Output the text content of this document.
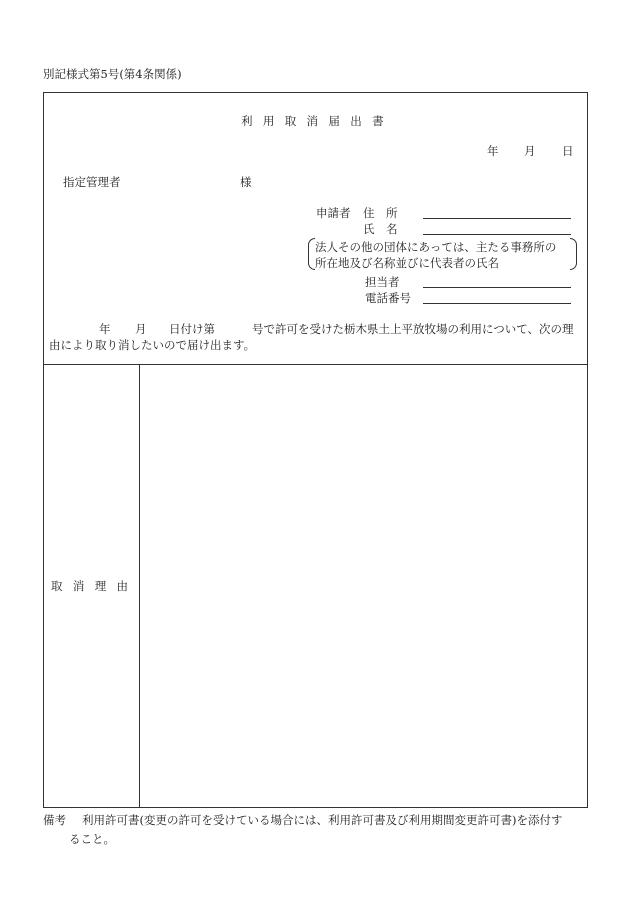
別記様式第5号(第4条関係)
利用取消届出書
年 月 日
指定管理者	様
申請者 住　所
氏　名
法人その他の団体にあっては、主たる事務所の
所在地及び名称並びに代表者の氏名
担当者
電話番号
年 月 日付け第	号で許可を受けた栃木県土上平放牧場の利用について、次の理
由により取り消したいので届け出ます。
取消理由
備考 利用許可書(変更の許可を受けている場合には、利用許可書及び利用期間変更許可書)を添付す
ること。
